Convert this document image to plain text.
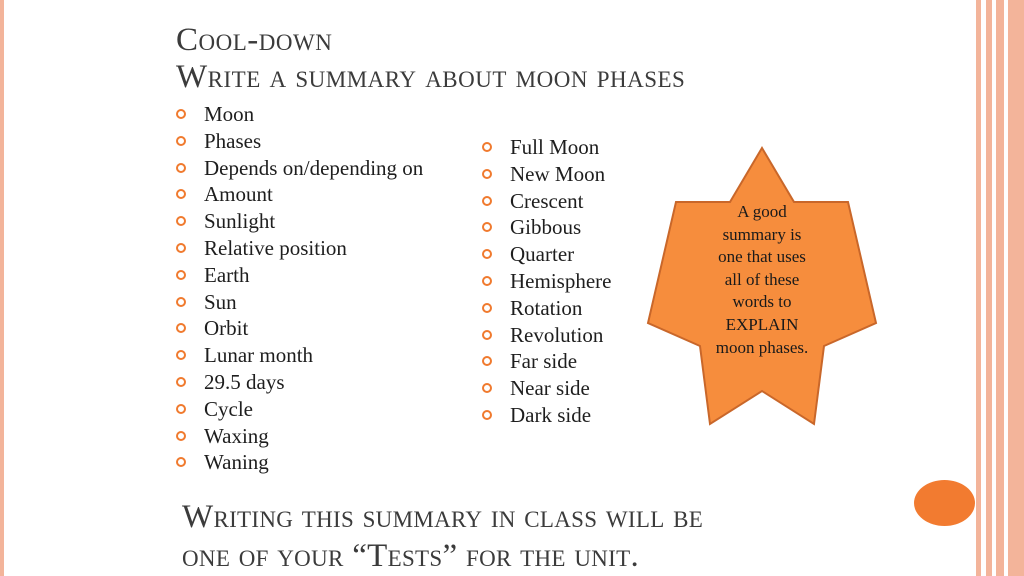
Cool-down
Write a summary about moon phases
Moon
Phases
Depends on/depending on
Amount
Sunlight
Relative position
Earth
Sun
Orbit
Lunar month
29.5 days
Cycle
Waxing
Waning
Full Moon
New Moon
Crescent
Gibbous
Quarter
Hemisphere
Rotation
Revolution
Far side
Near side
Dark side
A good
summary is
one that uses
all of these
words to
EXPLAIN
moon phases.
Writing this summary in class will be
one of your “Tests” for the unit.
